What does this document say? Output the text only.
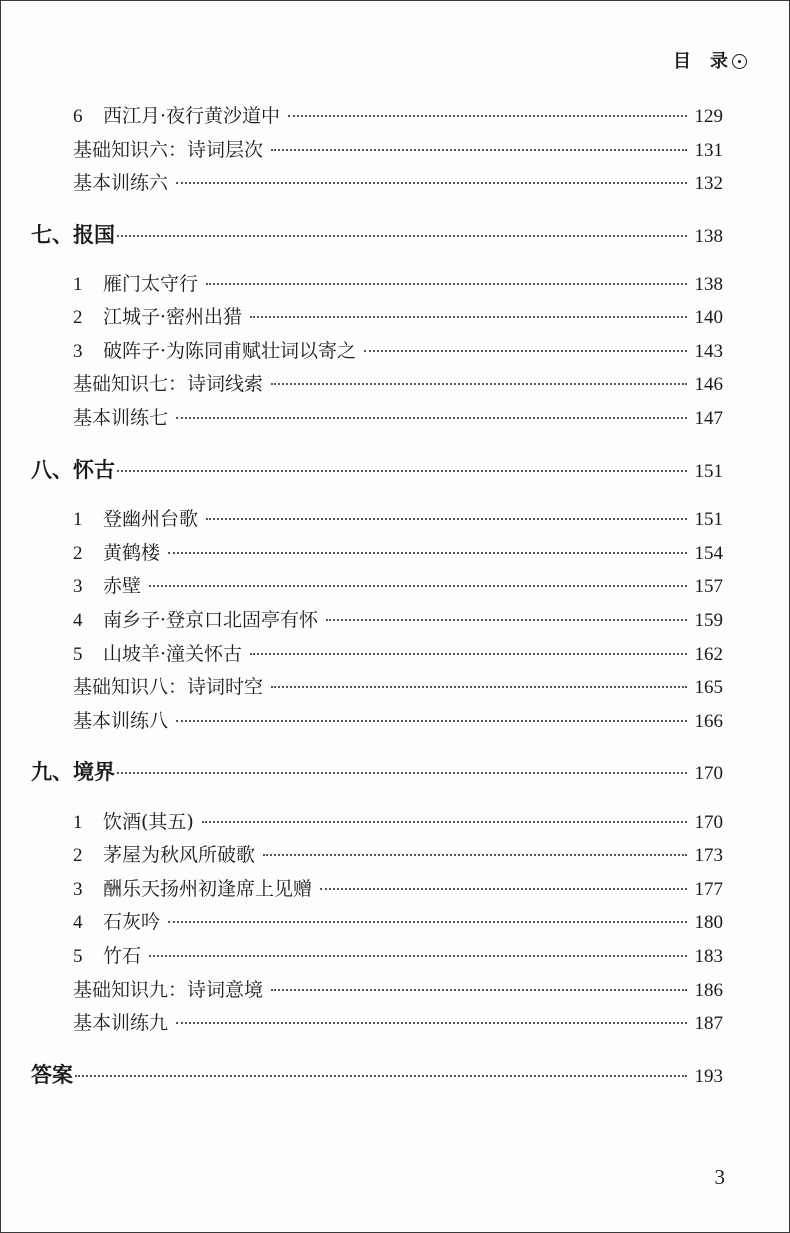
目 录
6	西江月·夜行黄沙道中	129
基础知识六：诗词层次	131
基本训练六	132
七、报国	138
1	雁门太守行	138
2	江城子·密州出猎	140
3	破阵子·为陈同甫赋壮词以寄之	143
基础知识七：诗词线索	146
基本训练七	147
八、怀古	151
1	登幽州台歌	151
2	黄鹤楼	154
3	赤壁	157
4	南乡子·登京口北固亭有怀	159
5	山坡羊·潼关怀古	162
基础知识八：诗词时空	165
基本训练八	166
九、境界	170
1	饮酒(其五)	170
2	茅屋为秋风所破歌	173
3	酬乐天扬州初逢席上见赠	177
4	石灰吟	180
5	竹石	183
基础知识九：诗词意境	186
基本训练九	187
答案	193
3
